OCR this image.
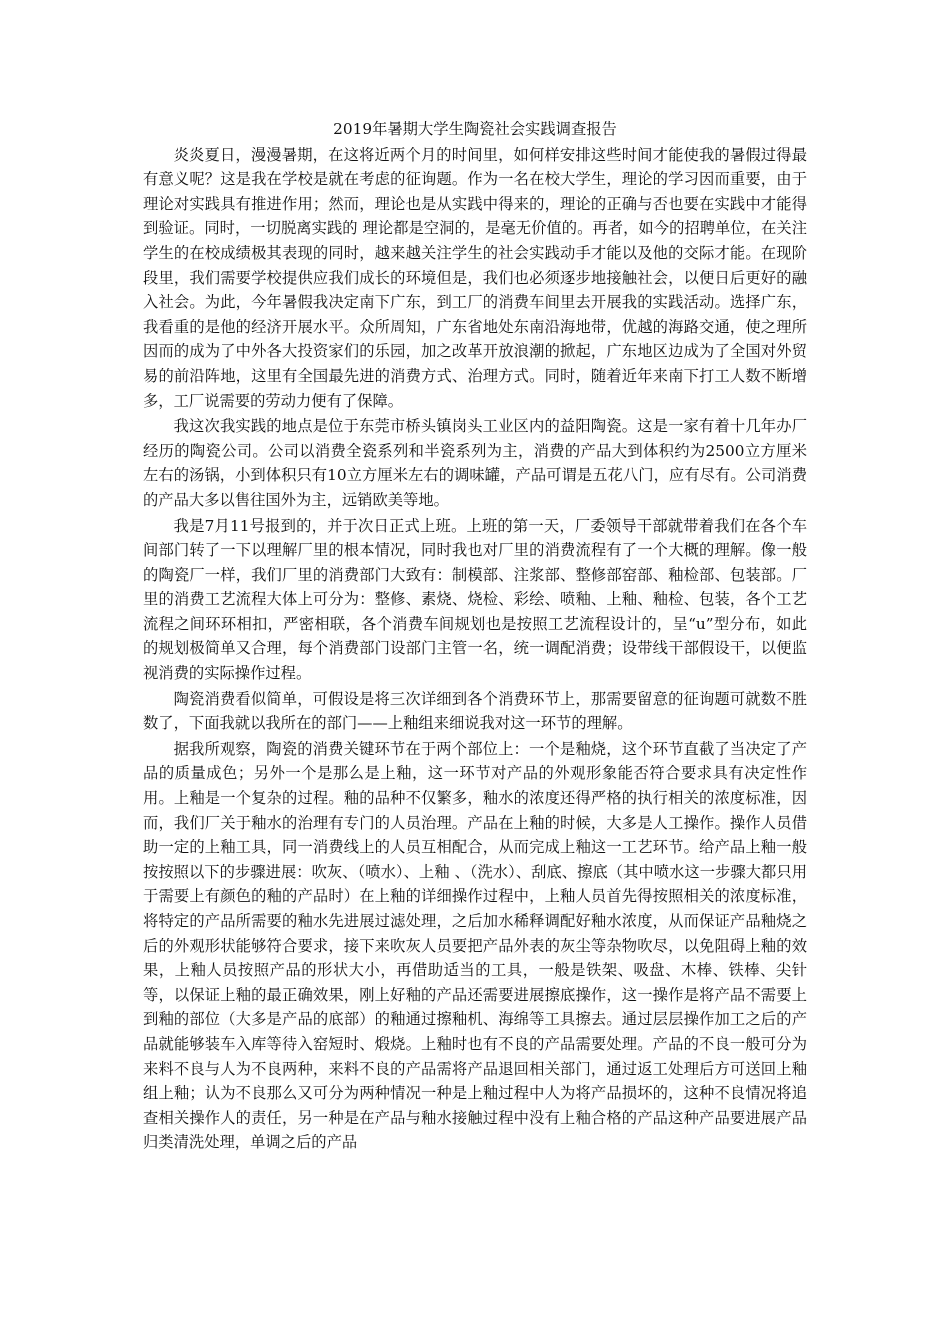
2019年暑期大学生陶瓷社会实践调查报告

炎炎夏日，漫漫暑期，在这将近两个月的时间里，如何样安排这些时间才能使我的暑假过得最有意义呢？这是我在学校是就在考虑的征询题。作为一名在校大学生，理论的学习因而重要，由于理论对实践具有推进作用；然而，理论也是从实践中得来的，理论的正确与否也要在实践中才能得到验证。同时，一切脱离实践的 理论都是空洞的，是毫无价值的。再者，如今的招聘单位，在关注学生的在校成绩极其表现的同时，越来越关注学生的社会实践动手才能以及他的交际才能。在现阶段里，我们需要学校提供应我们成长的环境但是，我们也必须逐步地接触社会，以便日后更好的融入社会。为此，今年暑假我决定南下广东，到工厂的消费车间里去开展我的实践活动。选择广东，我看重的是他的经济开展水平。众所周知，广东省地处东南沿海地带，优越的海路交通，使之理所因而的成为了中外各大投资家们的乐园，加之改革开放浪潮的掀起，广东地区边成为了全国对外贸易的前沿阵地，这里有全国最先进的消费方式、治理方式。同时，随着近年来南下打工人数不断增多，工厂说需要的劳动力便有了保障。

我这次我实践的地点是位于东莞市桥头镇岗头工业区内的益阳陶瓷。这是一家有着十几年办厂经历的陶瓷公司。公司以消费全瓷系列和半瓷系列为主，消费的产品大到体积约为2500立方厘米左右的汤锅，小到体积只有10立方厘米左右的调味罐，产品可谓是五花八门，应有尽有。公司消费的产品大多以售往国外为主，远销欧美等地。

我是7月11号报到的，并于次日正式上班。上班的第一天，厂委领导干部就带着我们在各个车间部门转了一下以理解厂里的根本情况，同时我也对厂里的消费流程有了一个大概的理解。像一般的陶瓷厂一样，我们厂里的消费部门大致有：制模部、注浆部、整修部窑部、釉检部、包装部。厂里的消费工艺流程大体上可分为：整修、素烧、烧检、彩绘、喷釉、上釉、釉检、包装，各个工艺流程之间环环相扣，严密相联，各个消费车间规划也是按照工艺流程设计的，呈“u”型分布，如此的规划极简单又合理，每个消费部门设部门主管一名，统一调配消费；设带线干部假设干，以便监视消费的实际操作过程。

陶瓷消费看似简单，可假设是将三次详细到各个消费环节上，那需要留意的征询题可就数不胜数了，下面我就以我所在的部门——上釉组来细说我对这一环节的理解。

据我所观察，陶瓷的消费关键环节在于两个部位上：一个是釉烧，这个环节直截了当决定了产品的质量成色；另外一个是那么是上釉，这一环节对产品的外观形象能否符合要求具有决定性作用。上釉是一个复杂的过程。釉的品种不仅繁多，釉水的浓度还得严格的执行相关的浓度标准，因而，我们厂关于釉水的治理有专门的人员治理。产品在上釉的时候，大多是人工操作。操作人员借助一定的上釉工具，同一消费线上的人员互相配合，从而完成上釉这一工艺环节。给产品上釉一般按按照以下的步骤进展：吹灰、（喷水）、上釉 、（洗水）、刮底、擦底（其中喷水这一步骤大都只用于需要上有颜色的釉的产品时）在上釉的详细操作过程中，上釉人员首先得按照相关的浓度标准，将特定的产品所需要的釉水先进展过滤处理，之后加水稀释调配好釉水浓度，从而保证产品釉烧之后的外观形状能够符合要求，接下来吹灰人员要把产品外表的灰尘等杂物吹尽，以免阻碍上釉的效果，上釉人员按照产品的形状大小，再借助适当的工具，一般是铁架、吸盘、木棒、铁棒、尖针等，以保证上釉的最正确效果，刚上好釉的产品还需要进展擦底操作，这一操作是将产品不需要上到釉的部位（大多是产品的底部）的釉通过擦釉机、海绵等工具擦去。通过层层操作加工之后的产品就能够装车入库等待入窑短时、煅烧。上釉时也有不良的产品需要处理。产品的不良一般可分为来料不良与人为不良两种，来料不良的产品需将产品退回相关部门，通过返工处理后方可送回上釉组上釉；认为不良那么又可分为两种情况一种是上釉过程中人为将产品损坏的，这种不良情况将追查相关操作人的责任，另一种是在产品与釉水接触过程中没有上釉合格的产品这种产品要进展产品归类清洗处理，单调之后的产品
